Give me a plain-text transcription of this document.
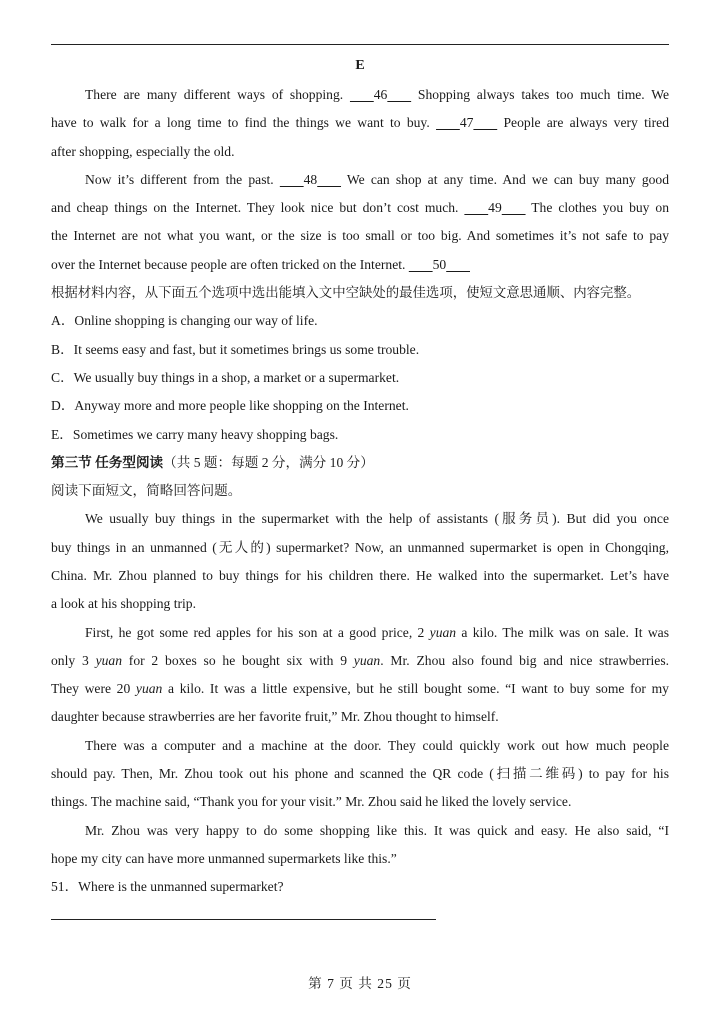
E
There are many different ways of shopping. 46 Shopping always takes too much time. We
have to walk for a long time to find the things we want to buy. 47 People are always very tired
after shopping, especially the old.
Now it’s different from the past. 48 We can shop at any time. And we can buy many good
and cheap things on the Internet. They look nice but don’t cost much. 49 The clothes you buy on
the Internet are not what you want, or the size is too small or too big. And sometimes it’s not safe to pay
over the Internet because people are often tricked on the Internet. 50
根据材料内容，从下面五个选项中选出能填入文中空缺处的最佳选项，使短文意思通顺、内容完整。
A．Online shopping is changing our way of life.
B．It seems easy and fast, but it sometimes brings us some trouble.
C．We usually buy things in a shop, a market or a supermarket.
D．Anyway more and more people like shopping on the Internet.
E．Sometimes we carry many heavy shopping bags.
第三节 任务型阅读（共 5 题：每题 2 分，满分 10 分）
阅读下面短文，简略回答问题。
We usually buy things in the supermarket with the help of assistants (服务员). But did you once
buy things in an unmanned (无人的) supermarket? Now, an unmanned supermarket is open in Chongqing,
China. Mr. Zhou planned to buy things for his children there. He walked into the supermarket. Let’s have
a look at his shopping trip.
First, he got some red apples for his son at a good price, 2 yuan a kilo. The milk was on sale. It was
only 3 yuan for 2 boxes so he bought six with 9 yuan. Mr. Zhou also found big and nice strawberries.
They were 20 yuan a kilo. It was a little expensive, but he still bought some. “I want to buy some for my
daughter because strawberries are her favorite fruit,” Mr. Zhou thought to himself.
There was a computer and a machine at the door. They could quickly work out how much people
should pay. Then, Mr. Zhou took out his phone and scanned the QR code (扫描二维码) to pay for his
things. The machine said, “Thank you for your visit.” Mr. Zhou said he liked the lovely service.
Mr. Zhou was very happy to do some shopping like this. It was quick and easy. He also said, “I
hope my city can have more unmanned supermarkets like this.”
51．Where is the unmanned supermarket?
第 7 页 共 25 页
